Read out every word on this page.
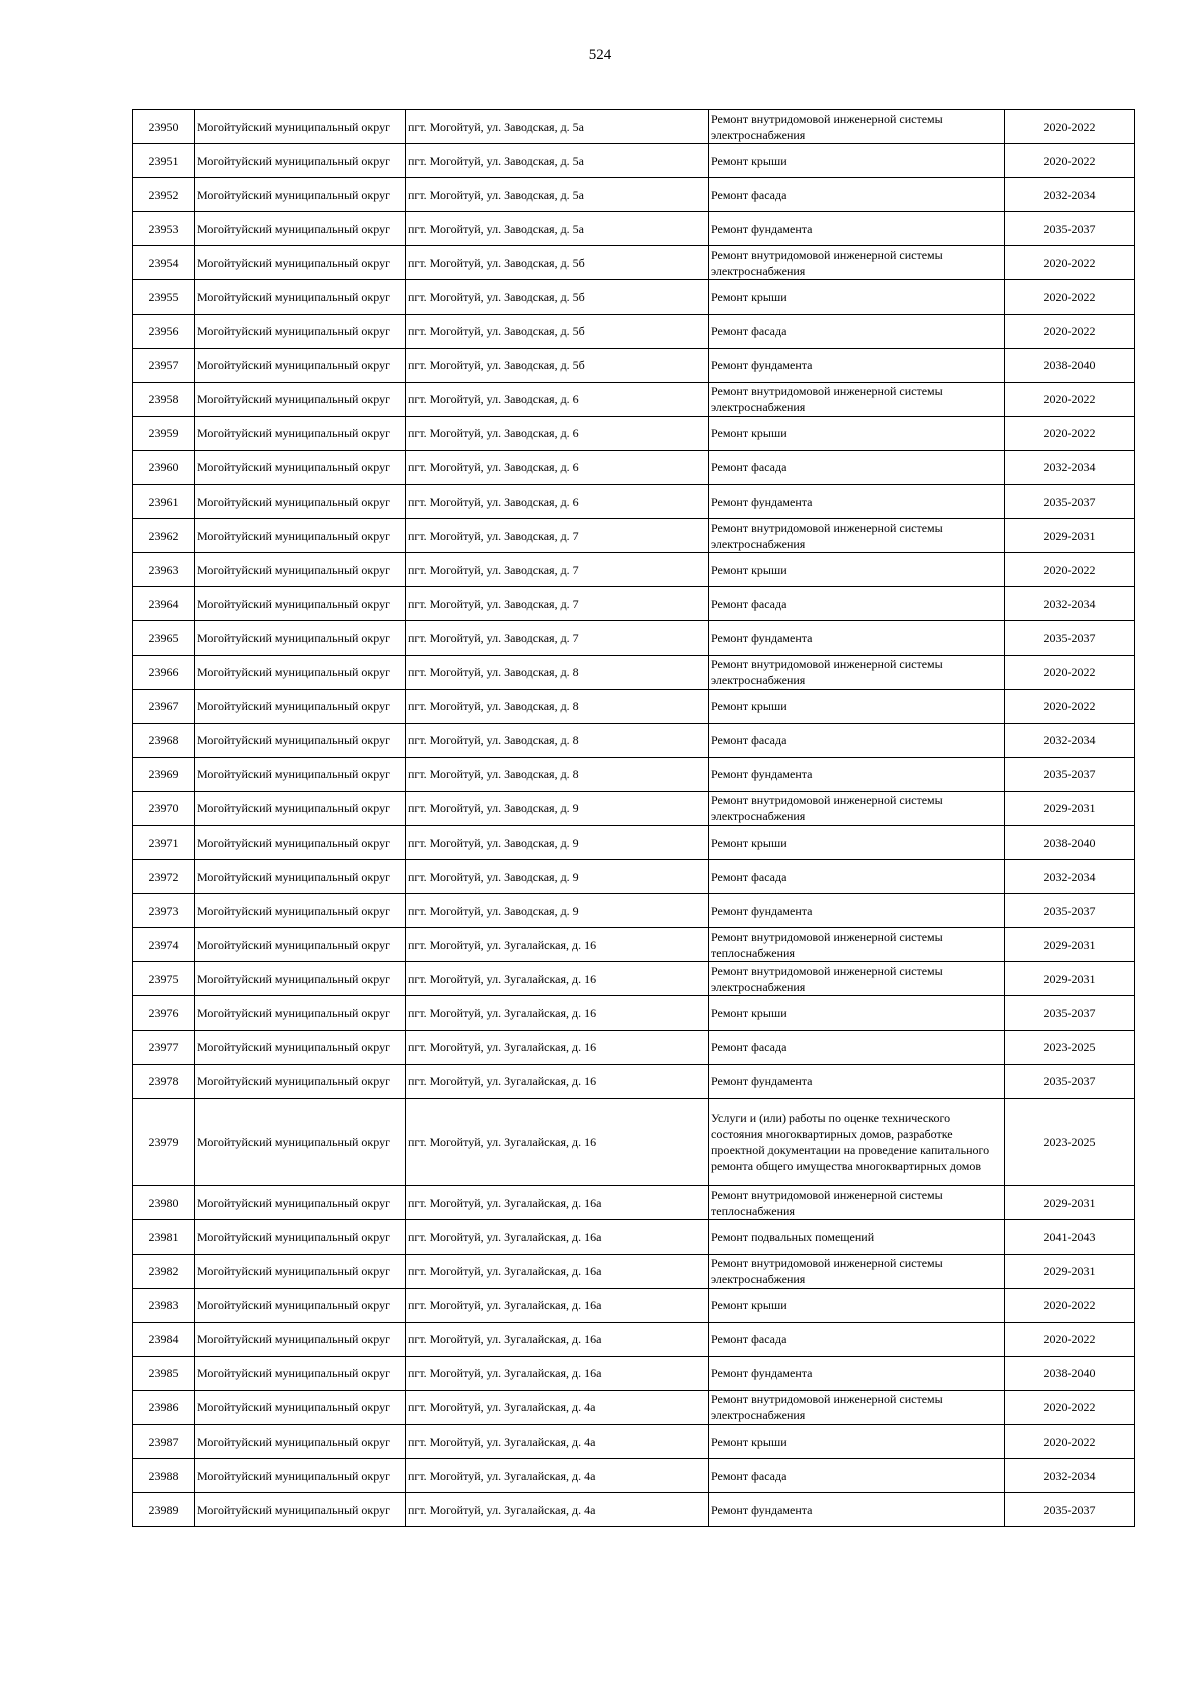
524
23950	Могойтуйский муниципальный округ	пгт. Могойтуй, ул. Заводская, д. 5а	Ремонт внутридомовой инженерной системы электроснабжения	2020-2022
23951	Могойтуйский муниципальный округ	пгт. Могойтуй, ул. Заводская, д. 5а	Ремонт крыши	2020-2022
23952	Могойтуйский муниципальный округ	пгт. Могойтуй, ул. Заводская, д. 5а	Ремонт фасада	2032-2034
23953	Могойтуйский муниципальный округ	пгт. Могойтуй, ул. Заводская, д. 5а	Ремонт фундамента	2035-2037
23954	Могойтуйский муниципальный округ	пгт. Могойтуй, ул. Заводская, д. 5б	Ремонт внутридомовой инженерной системы электроснабжения	2020-2022
23955	Могойтуйский муниципальный округ	пгт. Могойтуй, ул. Заводская, д. 5б	Ремонт крыши	2020-2022
23956	Могойтуйский муниципальный округ	пгт. Могойтуй, ул. Заводская, д. 5б	Ремонт фасада	2020-2022
23957	Могойтуйский муниципальный округ	пгт. Могойтуй, ул. Заводская, д. 5б	Ремонт фундамента	2038-2040
23958	Могойтуйский муниципальный округ	пгт. Могойтуй, ул. Заводская, д. 6	Ремонт внутридомовой инженерной системы электроснабжения	2020-2022
23959	Могойтуйский муниципальный округ	пгт. Могойтуй, ул. Заводская, д. 6	Ремонт крыши	2020-2022
23960	Могойтуйский муниципальный округ	пгт. Могойтуй, ул. Заводская, д. 6	Ремонт фасада	2032-2034
23961	Могойтуйский муниципальный округ	пгт. Могойтуй, ул. Заводская, д. 6	Ремонт фундамента	2035-2037
23962	Могойтуйский муниципальный округ	пгт. Могойтуй, ул. Заводская, д. 7	Ремонт внутридомовой инженерной системы электроснабжения	2029-2031
23963	Могойтуйский муниципальный округ	пгт. Могойтуй, ул. Заводская, д. 7	Ремонт крыши	2020-2022
23964	Могойтуйский муниципальный округ	пгт. Могойтуй, ул. Заводская, д. 7	Ремонт фасада	2032-2034
23965	Могойтуйский муниципальный округ	пгт. Могойтуй, ул. Заводская, д. 7	Ремонт фундамента	2035-2037
23966	Могойтуйский муниципальный округ	пгт. Могойтуй, ул. Заводская, д. 8	Ремонт внутридомовой инженерной системы электроснабжения	2020-2022
23967	Могойтуйский муниципальный округ	пгт. Могойтуй, ул. Заводская, д. 8	Ремонт крыши	2020-2022
23968	Могойтуйский муниципальный округ	пгт. Могойтуй, ул. Заводская, д. 8	Ремонт фасада	2032-2034
23969	Могойтуйский муниципальный округ	пгт. Могойтуй, ул. Заводская, д. 8	Ремонт фундамента	2035-2037
23970	Могойтуйский муниципальный округ	пгт. Могойтуй, ул. Заводская, д. 9	Ремонт внутридомовой инженерной системы электроснабжения	2029-2031
23971	Могойтуйский муниципальный округ	пгт. Могойтуй, ул. Заводская, д. 9	Ремонт крыши	2038-2040
23972	Могойтуйский муниципальный округ	пгт. Могойтуй, ул. Заводская, д. 9	Ремонт фасада	2032-2034
23973	Могойтуйский муниципальный округ	пгт. Могойтуй, ул. Заводская, д. 9	Ремонт фундамента	2035-2037
23974	Могойтуйский муниципальный округ	пгт. Могойтуй, ул. Зугалайская, д. 16	Ремонт внутридомовой инженерной системы теплоснабжения	2029-2031
23975	Могойтуйский муниципальный округ	пгт. Могойтуй, ул. Зугалайская, д. 16	Ремонт внутридомовой инженерной системы электроснабжения	2029-2031
23976	Могойтуйский муниципальный округ	пгт. Могойтуй, ул. Зугалайская, д. 16	Ремонт крыши	2035-2037
23977	Могойтуйский муниципальный округ	пгт. Могойтуй, ул. Зугалайская, д. 16	Ремонт фасада	2023-2025
23978	Могойтуйский муниципальный округ	пгт. Могойтуй, ул. Зугалайская, д. 16	Ремонт фундамента	2035-2037
23979	Могойтуйский муниципальный округ	пгт. Могойтуй, ул. Зугалайская, д. 16	Услуги и (или) работы по оценке технического состояния многоквартирных домов, разработке проектной документации на проведение капитального ремонта общего имущества многоквартирных домов	2023-2025
23980	Могойтуйский муниципальный округ	пгт. Могойтуй, ул. Зугалайская, д. 16а	Ремонт внутридомовой инженерной системы теплоснабжения	2029-2031
23981	Могойтуйский муниципальный округ	пгт. Могойтуй, ул. Зугалайская, д. 16а	Ремонт подвальных помещений	2041-2043
23982	Могойтуйский муниципальный округ	пгт. Могойтуй, ул. Зугалайская, д. 16а	Ремонт внутридомовой инженерной системы электроснабжения	2029-2031
23983	Могойтуйский муниципальный округ	пгт. Могойтуй, ул. Зугалайская, д. 16а	Ремонт крыши	2020-2022
23984	Могойтуйский муниципальный округ	пгт. Могойтуй, ул. Зугалайская, д. 16а	Ремонт фасада	2020-2022
23985	Могойтуйский муниципальный округ	пгт. Могойтуй, ул. Зугалайская, д. 16а	Ремонт фундамента	2038-2040
23986	Могойтуйский муниципальный округ	пгт. Могойтуй, ул. Зугалайская, д. 4а	Ремонт внутридомовой инженерной системы электроснабжения	2020-2022
23987	Могойтуйский муниципальный округ	пгт. Могойтуй, ул. Зугалайская, д. 4а	Ремонт крыши	2020-2022
23988	Могойтуйский муниципальный округ	пгт. Могойтуй, ул. Зугалайская, д. 4а	Ремонт фасада	2032-2034
23989	Могойтуйский муниципальный округ	пгт. Могойтуй, ул. Зугалайская, д. 4а	Ремонт фундамента	2035-2037
